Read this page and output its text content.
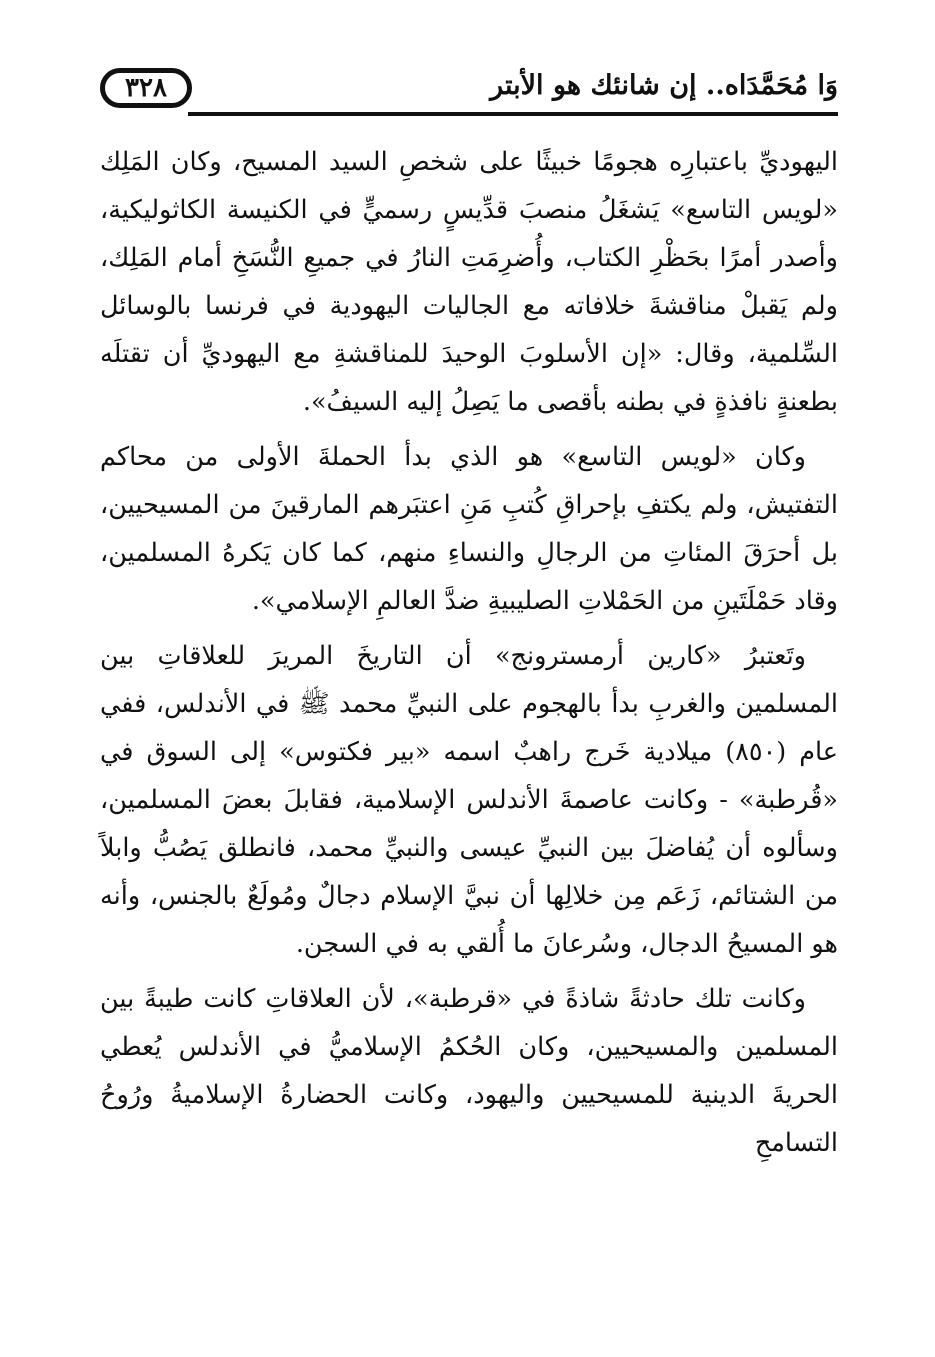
٣٢٨	وَا مُحَمَّدَاه.. إن شانئك هو الأبتر

اليهوديِّ باعتبارِه هجومًا خبيثًا على شخصِ السيد المسيح، وكان المَلِك «لويس التاسع» يَشغَلُ منصبَ قدِّيسٍ رسميٍّ في الكنيسة الكاثوليكية، وأصدر أمرًا بحَظْرِ الكتاب، وأُضرِمَتِ النارُ في جميعِ النُّسَخِ أمام المَلِك، ولم يَقبلْ مناقشةَ خلافاته مع الجاليات اليهودية في فرنسا بالوسائل السِّلمية، وقال: «إن الأسلوبَ الوحيدَ للمناقشةِ مع اليهوديِّ أن تقتلَه بطعنةٍ نافذةٍ في بطنه بأقصى ما يَصِلُ إليه السيفُ».

وكان «لويس التاسع» هو الذي بدأ الحملةَ الأولى من محاكم التفتيش، ولم يكتفِ بإحراقِ كُتبِ مَنِ اعتبَرهم المارقينَ من المسيحيين، بل أحرَقَ المئاتِ من الرجالِ والنساءِ منهم، كما كان يَكرهُ المسلمين، وقاد حَمْلَتَينِ من الحَمْلاتِ الصليبيةِ ضدَّ العالمِ الإسلامي».

وتَعتبرُ «كارين أرمسترونج» أن التاريخَ المريرَ للعلاقاتِ بين المسلمين والغربِ بدأ بالهجوم على النبيِّ محمد ﷺ في الأندلس، ففي عام (٨٥٠) ميلادية خَرج راهبٌ اسمه «بير فكتوس» إلى السوق في «قُرطبة» - وكانت عاصمةَ الأندلس الإسلامية، فقابلَ بعضَ المسلمين، وسألوه أن يُفاضلَ بين النبيِّ عيسى والنبيِّ محمد، فانطلق يَصُبُّ وابلاً من الشتائم، زَعَم مِن خلالِها أن نبيَّ الإسلام دجالٌ ومُولَعٌ بالجنس، وأنه هو المسيحُ الدجال، وسُرعانَ ما أُلقي به في السجن.

وكانت تلك حادثةً شاذةً في «قرطبة»، لأن العلاقاتِ كانت طيبةً بين المسلمين والمسيحيين، وكان الحُكمُ الإسلاميُّ في الأندلس يُعطي الحريةَ الدينية للمسيحيين واليهود، وكانت الحضارةُ الإسلاميةُ ورُوحُ التسامحِ
